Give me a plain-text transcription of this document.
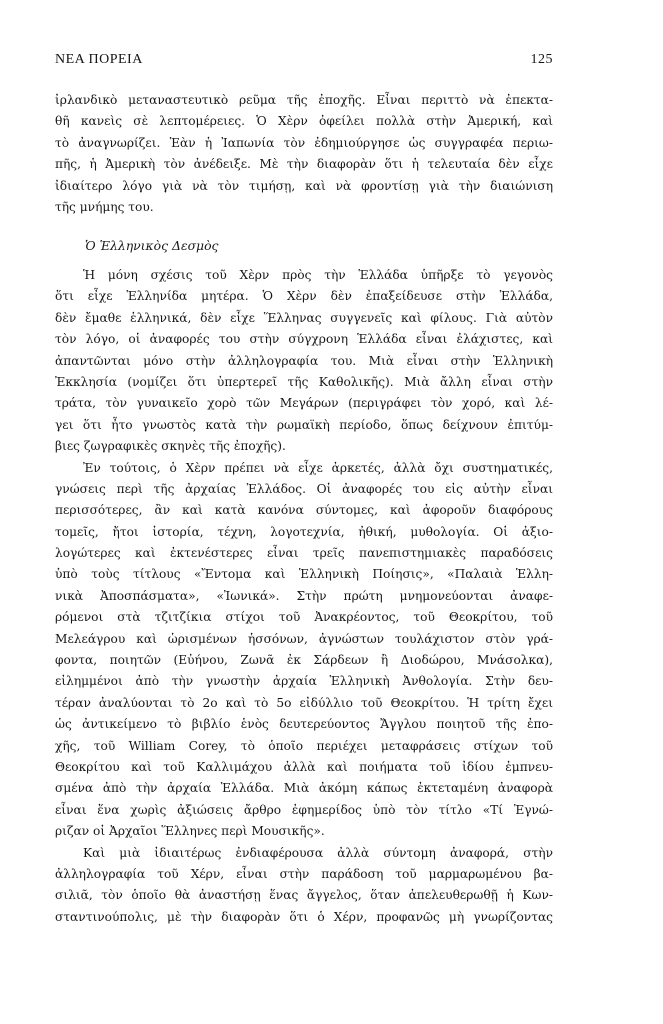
ΝΕΑ ΠΟΡΕΙΑ	125
ἰρλανδικὸ μεταναστευτικὸ ρεῦμα τῆς ἐποχῆς. Εἶναι περιττὸ νὰ ἐπεκτα-
θῆ κανεὶς σὲ λεπτομέρειες. Ὁ Χὲρν ὀφείλει πολλὰ στὴν Ἀμερική, καὶ
τὸ ἀναγνωρίζει. Ἐὰν ἡ Ἰαπωνία τὸν ἐδημιούργησε ὡς συγγραφέα περιω-
πῆς, ἡ Ἀμερικὴ τὸν ἀνέδειξε. Μὲ τὴν διαφορὰν ὅτι ἡ τελευταία δὲν εἶχε
ἰδιαίτερο λόγο γιὰ νὰ τὸν τιμήσῃ, καὶ νὰ φροντίσῃ γιὰ τὴν διαιώνιση
τῆς μνήμης του.
Ὁ Ἑλληνικὸς Δεσμὸς
Ἡ μόνη σχέσις τοῦ Χὲρν πρὸς τὴν Ἑλλάδα ὑπῆρξε τὸ γεγονὸς
ὅτι εἶχε Ἑλληνίδα μητέρα. Ὁ Χὲρν δὲν ἐπαξείδευσε στὴν Ἑλλάδα,
δὲν ἔμαθε ἑλληνικά, δὲν εἶχε Ἕλληνας συγγενεῖς καὶ φίλους. Γιὰ αὐτὸν
τὸν λόγο, οἱ ἀναφορές του στὴν σύγχρονη Ἑλλάδα εἶναι ἐλάχιστες, καὶ
ἀπαντῶνται μόνο στὴν ἀλληλογραφία του. Μιὰ εἶναι στὴν Ἑλληνικὴ
Ἐκκλησία (νομίζει ὅτι ὑπερτερεῖ τῆς Καθολικῆς). Μιὰ ἄλλη εἶναι στὴν
τράτα, τὸν γυναικεῖο χορὸ τῶν Μεγάρων (περιγράφει τὸν χορό, καὶ λέ-
γει ὅτι ἦτο γνωστὸς κατὰ τὴν ρωμαϊκὴ περίοδο, ὅπως δείχνουν ἐπιτύμ-
βιες ζωγραφικὲς σκηνὲς τῆς ἐποχῆς).
Ἐν τούτοις, ὁ Χὲρν πρέπει νὰ εἶχε ἀρκετές, ἀλλὰ ὄχι συστηματικές,
γνώσεις περὶ τῆς ἀρχαίας Ἑλλάδος. Οἱ ἀναφορές του εἰς αὐτὴν εἶναι
περισσότερες, ἂν καὶ κατὰ κανόνα σύντομες, καὶ ἀφοροῦν διαφόρους
τομεῖς, ἤτοι ἱστορία, τέχνη, λογοτεχνία, ἠθική, μυθολογία. Οἱ ἀξιο-
λογώτερες καὶ ἐκτενέστερες εἶναι τρεῖς πανεπιστημιακὲς παραδόσεις
ὑπὸ τοὺς τίτλους «Ἔντομα καὶ Ἑλληνικὴ Ποίησις», «Παλαιὰ Ἑλλη-
νικὰ Ἀποσπάσματα», «Ἰωνικά». Στὴν πρώτη μνημονεύονται ἀναφε-
ρόμενοι στὰ τζιτζίκια στίχοι τοῦ Ἀνακρέοντος, τοῦ Θεοκρίτου, τοῦ
Μελεάγρου καὶ ὡρισμένων ἡσσόνων, ἀγνώστων τουλάχιστον στὸν γρά-
φοντα, ποιητῶν (Εὐήνου, Ζωνᾶ ἐκ Σάρδεων ἢ Διοδώρου, Μνάσολκα),
εἰλημμένοι ἀπὸ τὴν γνωστὴν ἀρχαία Ἑλληνικὴ Ἀνθολογία. Στὴν δευ-
τέραν ἀναλύονται τὸ 2ο καὶ τὸ 5ο εἰδύλλιο τοῦ Θεοκρίτου. Ἡ τρίτη ἔχει
ὡς ἀντικείμενο τὸ βιβλίο ἑνὸς δευτερεύοντος Ἄγγλου ποιητοῦ τῆς ἐπο-
χῆς, τοῦ William Corey, τὸ ὁποῖο περιέχει μεταφράσεις στίχων τοῦ
Θεοκρίτου καὶ τοῦ Καλλιμάχου ἀλλὰ καὶ ποιήματα τοῦ ἰδίου ἐμπνευ-
σμένα ἀπὸ τὴν ἀρχαία Ἑλλάδα. Μιὰ ἀκόμη κάπως ἐκτεταμένη ἀναφορὰ
εἶναι ἕνα χωρὶς ἀξιώσεις ἄρθρο ἐφημερίδος ὑπὸ τὸν τίτλο «Τί Ἐγνώ-
ριζαν οἱ Ἀρχαῖοι Ἕλληνες περὶ Μουσικῆς».
Καὶ μιὰ ἰδιαιτέρως ἐνδιαφέρουσα ἀλλὰ σύντομη ἀναφορά, στὴν
ἀλληλογραφία τοῦ Χέρν, εἶναι στὴν παράδοση τοῦ μαρμαρωμένου βα-
σιλιᾶ, τὸν ὁποῖο θὰ ἀναστήσῃ ἕνας ἄγγελος, ὅταν ἀπελευθερωθῇ ἡ Κων-
σταντινούπολις, μὲ τὴν διαφορὰν ὅτι ὁ Χέρν, προφανῶς μὴ γνωρίζοντας
